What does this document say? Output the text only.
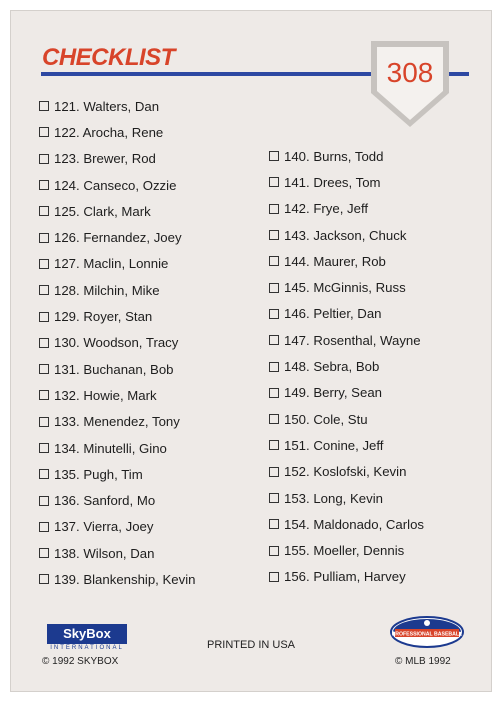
CHECKLIST	308
121. Walters, Dan
122. Arocha, Rene
123. Brewer, Rod
124. Canseco, Ozzie
125. Clark, Mark
126. Fernandez, Joey
127. Maclin, Lonnie
128. Milchin, Mike
129. Royer, Stan
130. Woodson, Tracy
131. Buchanan, Bob
132. Howie, Mark
133. Menendez, Tony
134. Minutelli, Gino
135. Pugh, Tim
136. Sanford, Mo
137. Vierra, Joey
138. Wilson, Dan
139. Blankenship, Kevin
140. Burns, Todd
141. Drees, Tom
142. Frye, Jeff
143. Jackson, Chuck
144. Maurer, Rob
145. McGinnis, Russ
146. Peltier, Dan
147. Rosenthal, Wayne
148. Sebra, Bob
149. Berry, Sean
150. Cole, Stu
151. Conine, Jeff
152. Koslofski, Kevin
153. Long, Kevin
154. Maldonado, Carlos
155. Moeller, Dennis
156. Pulliam, Harvey
SkyBox
INTERNATIONAL
© 1992 SKYBOX
PRINTED IN USA
PROFESSIONAL BASEBALL
© MLB 1992
